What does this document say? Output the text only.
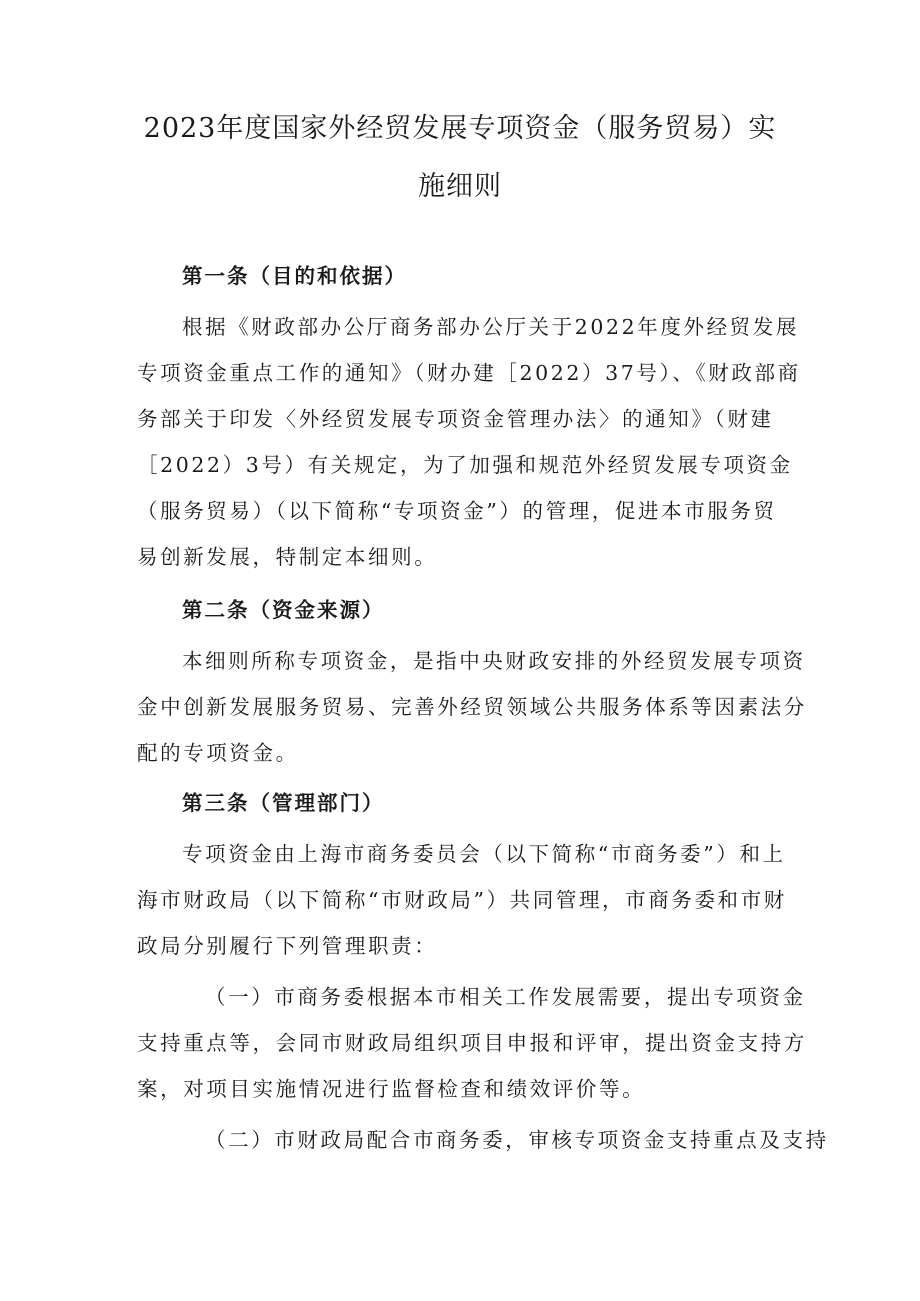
2023年度国家外经贸发展专项资金（服务贸易）实
施细则
第一条（目的和依据）
根据《财政部办公厅商务部办公厅关于2022年度外经贸发展
专项资金重点工作的通知》（财办建［2022）37号）、《财政部商
务部关于印发〈外经贸发展专项资金管理办法〉的通知》（财建
［2022）3号）有关规定，为了加强和规范外经贸发展专项资金
（服务贸易）（以下简称“专项资金”）的管理，促进本市服务贸
易创新发展，特制定本细则。
第二条（资金来源）
本细则所称专项资金，是指中央财政安排的外经贸发展专项资
金中创新发展服务贸易、完善外经贸领域公共服务体系等因素法分
配的专项资金。
第三条（管理部门）
专项资金由上海市商务委员会（以下简称“市商务委”）和上
海市财政局（以下简称“市财政局”）共同管理，市商务委和市财
政局分别履行下列管理职责：
（一）市商务委根据本市相关工作发展需要，提出专项资金
支持重点等，会同市财政局组织项目申报和评审，提出资金支持方
案，对项目实施情况进行监督检查和绩效评价等。
（二）市财政局配合市商务委，审核专项资金支持重点及支持
